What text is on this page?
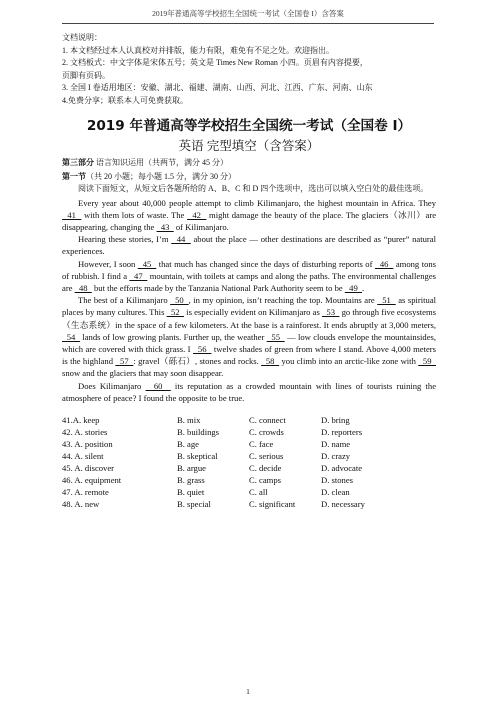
2019年普通高等学校招生全国统一考试（全国卷 I）含答案
文档说明：
1. 本文档经过本人认真校对并排版，能力有限，难免有不足之处。欢迎指出。
2. 文档板式：中文字体是宋体五号；英文是 Times New Roman 小四。页眉有内容提要，
页脚有页码。
3. 全国 I 卷适用地区：安徽、湖北、福建、湖南、山西、河北、江西、广东、河南、山东
4.免费分享；联系本人可免费获取。
2019 年普通高等学校招生全国统一考试（全国卷 I）
英语 完型填空（含答案）
第三部分 语言知识运用（共两节，满分 45 分）
第一节（共 20 小题；每小题 1.5 分，满分 30 分）
阅读下面短文，从短文后各题所给的 A、B、C 和 D 四个选项中，选出可以填入空白处的最佳选项。

Every year about 40,000 people attempt to climb Kilimanjaro, the highest mountain in Africa. They   41   with them lots of waste. The   42   might damage the beauty of the place. The glaciers（冰川）are disappearing, changing the   43   of Kilimanjaro.

Hearing these stories, I’m   44   about the place — other destinations are described as “purer” natural experiences.

However, I soon   45   that much has changed since the days of disturbing reports of   46   among tons of rubbish. I find a   47   mountain, with toilets at camps and along the paths. The environmental challenges are   48   but the efforts made by the Tanzania National Park Authority seem to be   49  .

The best of a Kilimanjaro   50  , in my opinion, isn’t reaching the top. Mountains are   51   as spiritual places by many cultures. This   52   is especially evident on Kilimanjaro as   53   go through five ecosystems（生态系统）in the space of a few kilometers. At the base is a rainforest. It ends abruptly at 3,000 meters,   54   lands of low growing plants. Further up, the weather   55   — low clouds envelope the mountainsides, which are covered with thick grass. I   56   twelve shades of green from where I stand. Above 4,000 meters is the highland   57  : gravel（砾石）, stones and rocks.   58   you climb into an arctic-like zone with   59   snow and the glaciers that may soon disappear.

Does Kilimanjaro   60   its reputation as a crowded mountain with lines of tourists ruining the atmosphere of peace? I found the opposite to be true.

41.A. keep	B. mix	C. connect	D. bring
42. A. stories	B. buildings	C. crowds	D. reporters
43. A. position	B. age	C. face	D. name
44. A. silent	B. skeptical	C. serious	D. crazy
45. A. discover	B. argue	C. decide	D. advocate
46. A. equipment	B. grass	C. camps	D. stones
47. A. remote	B. quiet	C. all	D. clean
48. A. new	B. special	C. significant	D. necessary
1
